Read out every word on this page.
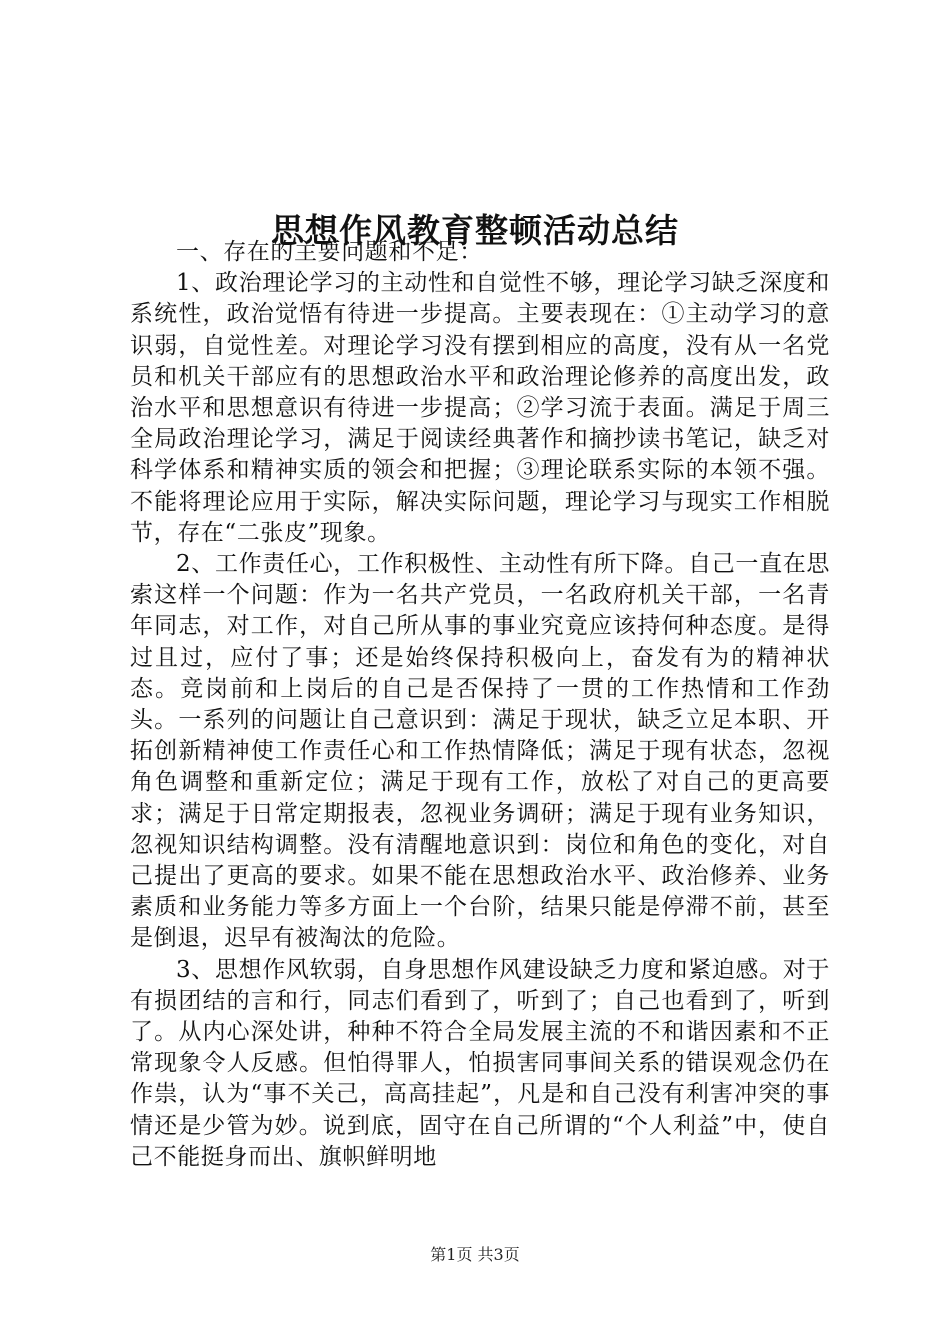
思想作风教育整顿活动总结

一、存在的主要问题和不足：

1、政治理论学习的主动性和自觉性不够，理论学习缺乏深度和系统性，政治觉悟有待进一步提高。主要表现在：①主动学习的意识弱，自觉性差。对理论学习没有摆到相应的高度，没有从一名党员和机关干部应有的思想政治水平和政治理论修养的高度出发，政治水平和思想意识有待进一步提高；②学习流于表面。满足于周三全局政治理论学习，满足于阅读经典著作和摘抄读书笔记，缺乏对科学体系和精神实质的领会和把握；③理论联系实际的本领不强。不能将理论应用于实际，解决实际问题，理论学习与现实工作相脱节，存在“二张皮”现象。

2、工作责任心，工作积极性、主动性有所下降。自己一直在思索这样一个问题：作为一名共产党员，一名政府机关干部，一名青年同志，对工作，对自己所从事的事业究竟应该持何种态度。是得过且过，应付了事；还是始终保持积极向上，奋发有为的精神状态。竞岗前和上岗后的自己是否保持了一贯的工作热情和工作劲头。一系列的问题让自己意识到：满足于现状，缺乏立足本职、开拓创新精神使工作责任心和工作热情降低；满足于现有状态，忽视角色调整和重新定位；满足于现有工作，放松了对自己的更高要求；满足于日常定期报表，忽视业务调研；满足于现有业务知识，忽视知识结构调整。没有清醒地意识到：岗位和角色的变化，对自己提出了更高的要求。如果不能在思想政治水平、政治修养、业务素质和业务能力等多方面上一个台阶，结果只能是停滞不前，甚至是倒退，迟早有被淘汰的危险。

3、思想作风软弱，自身思想作风建设缺乏力度和紧迫感。对于有损团结的言和行，同志们看到了，听到了；自己也看到了，听到了。从内心深处讲，种种不符合全局发展主流的不和谐因素和不正常现象令人反感。但怕得罪人，怕损害同事间关系的错误观念仍在作祟，认为“事不关己，高高挂起”，凡是和自己没有利害冲突的事情还是少管为妙。说到底，固守在自己所谓的“个人利益”中，使自己不能挺身而出、旗帜鲜明地

第1页 共3页
